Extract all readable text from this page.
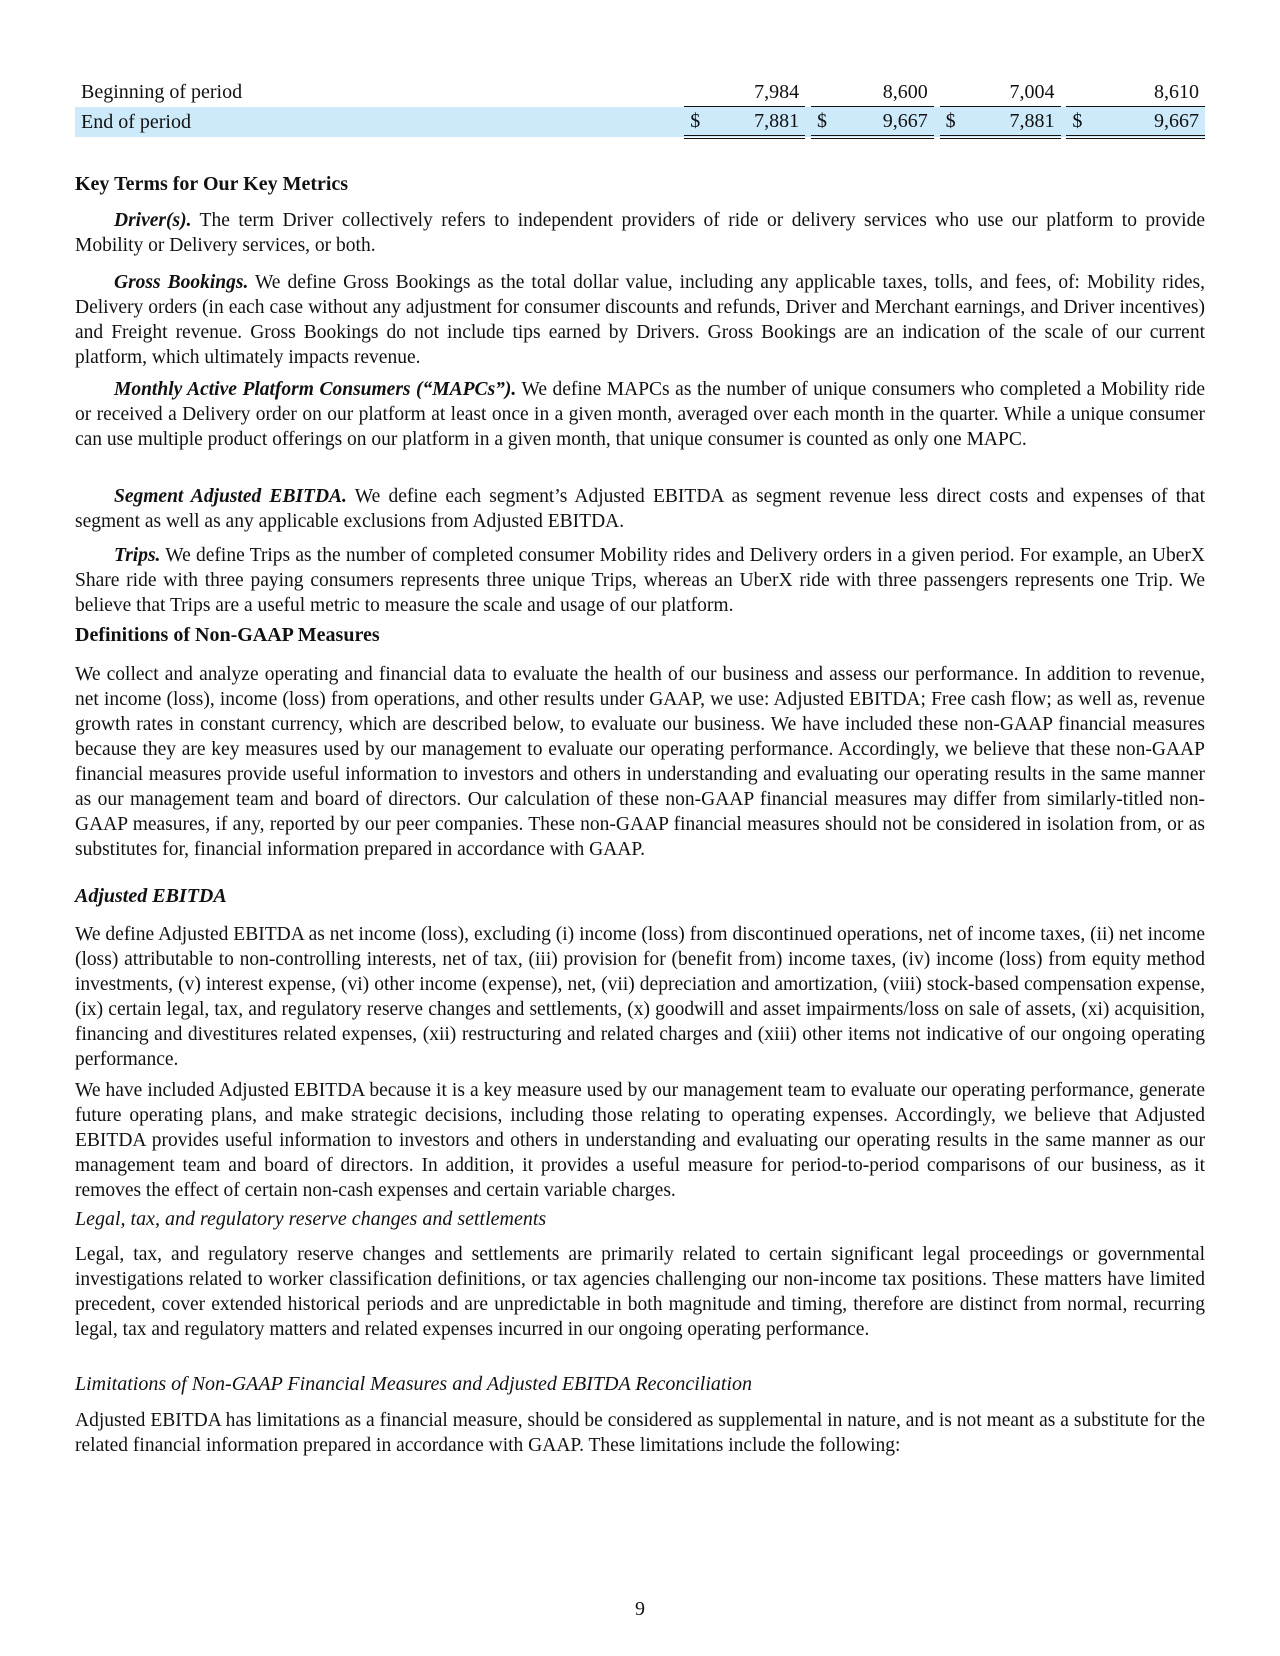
Beginning of period			7,984			8,600			7,004			8,610
End of period		$	7,881		$	9,667		$	7,881		$	9,667
Key Terms for Our Key Metrics
Driver(s). The term Driver collectively refers to independent providers of ride or delivery services who use our platform to provide Mobility or Delivery services, or both.
Gross Bookings. We define Gross Bookings as the total dollar value, including any applicable taxes, tolls, and fees, of: Mobility rides, Delivery orders (in each case without any adjustment for consumer discounts and refunds, Driver and Merchant earnings, and Driver incentives) and Freight revenue. Gross Bookings do not include tips earned by Drivers. Gross Bookings are an indication of the scale of our current platform, which ultimately impacts revenue.
Monthly Active Platform Consumers (“MAPCs”). We define MAPCs as the number of unique consumers who completed a Mobility ride or received a Delivery order on our platform at least once in a given month, averaged over each month in the quarter. While a unique consumer can use multiple product offerings on our platform in a given month, that unique consumer is counted as only one MAPC.
Segment Adjusted EBITDA. We define each segment’s Adjusted EBITDA as segment revenue less direct costs and expenses of that segment as well as any applicable exclusions from Adjusted EBITDA.
Trips. We define Trips as the number of completed consumer Mobility rides and Delivery orders in a given period. For example, an UberX Share ride with three paying consumers represents three unique Trips, whereas an UberX ride with three passengers represents one Trip. We believe that Trips are a useful metric to measure the scale and usage of our platform.
Definitions of Non-GAAP Measures
We collect and analyze operating and financial data to evaluate the health of our business and assess our performance. In addition to revenue, net income (loss), income (loss) from operations, and other results under GAAP, we use: Adjusted EBITDA; Free cash flow; as well as, revenue growth rates in constant currency, which are described below, to evaluate our business. We have included these non-GAAP financial measures because they are key measures used by our management to evaluate our operating performance. Accordingly, we believe that these non-GAAP financial measures provide useful information to investors and others in understanding and evaluating our operating results in the same manner as our management team and board of directors. Our calculation of these non-GAAP financial measures may differ from similarly-titled non-GAAP measures, if any, reported by our peer companies. These non-GAAP financial measures should not be considered in isolation from, or as substitutes for, financial information prepared in accordance with GAAP.
Adjusted EBITDA
We define Adjusted EBITDA as net income (loss), excluding (i) income (loss) from discontinued operations, net of income taxes, (ii) net income (loss) attributable to non-controlling interests, net of tax, (iii) provision for (benefit from) income taxes, (iv) income (loss) from equity method investments, (v) interest expense, (vi) other income (expense), net, (vii) depreciation and amortization, (viii) stock-based compensation expense, (ix) certain legal, tax, and regulatory reserve changes and settlements, (x) goodwill and asset impairments/loss on sale of assets, (xi) acquisition, financing and divestitures related expenses, (xii) restructuring and related charges and (xiii) other items not indicative of our ongoing operating performance.
We have included Adjusted EBITDA because it is a key measure used by our management team to evaluate our operating performance, generate future operating plans, and make strategic decisions, including those relating to operating expenses. Accordingly, we believe that Adjusted EBITDA provides useful information to investors and others in understanding and evaluating our operating results in the same manner as our management team and board of directors. In addition, it provides a useful measure for period-to-period comparisons of our business, as it removes the effect of certain non-cash expenses and certain variable charges.
Legal, tax, and regulatory reserve changes and settlements
Legal, tax, and regulatory reserve changes and settlements are primarily related to certain significant legal proceedings or governmental investigations related to worker classification definitions, or tax agencies challenging our non-income tax positions. These matters have limited precedent, cover extended historical periods and are unpredictable in both magnitude and timing, therefore are distinct from normal, recurring legal, tax and regulatory matters and related expenses incurred in our ongoing operating performance.
Limitations of Non-GAAP Financial Measures and Adjusted EBITDA Reconciliation
Adjusted EBITDA has limitations as a financial measure, should be considered as supplemental in nature, and is not meant as a substitute for the related financial information prepared in accordance with GAAP. These limitations include the following:
9
